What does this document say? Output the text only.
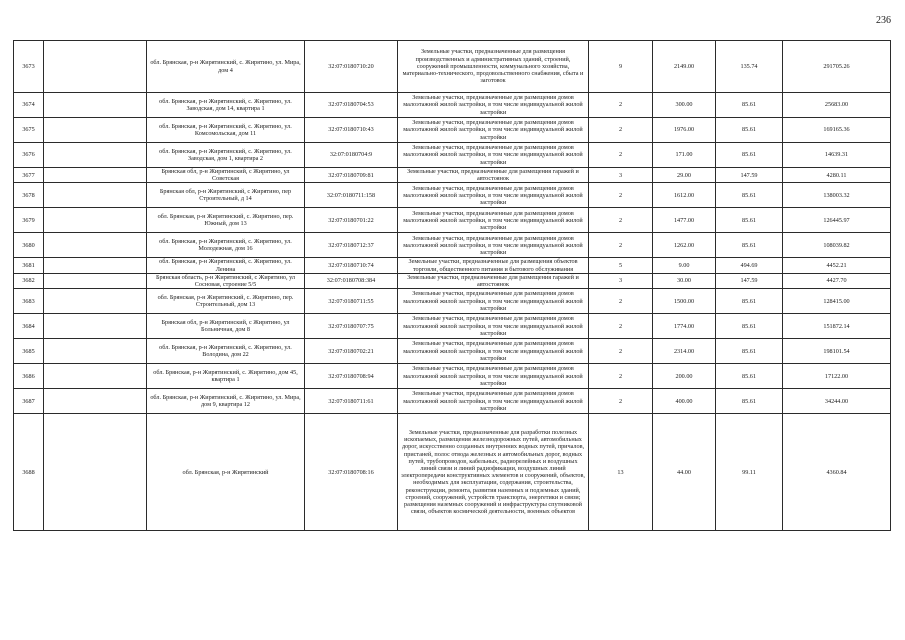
236
3673		обл. Брянская, р-н Жирятинский, с. Жирятино, ул. Мира, дом 4	32:07:0180710:20	Земельные участки, предназначенные для размещения производственных и административных зданий, строений, сооружений промышленности, коммунального хозяйства, материально-технического, продовольственного снабжения, сбыта и заготовок	9	2149.00	135.74	291705.26
3674		обл. Брянская, р-н Жирятинский, с. Жирятино, ул. Заводская, дом 14, квартира 1	32:07:0180704:53	Земельные участки, предназначенные для размещения домов малоэтажной жилой застройки, в том числе индивидуальной жилой застройки	2	300.00	85.61	25683.00
3675		обл. Брянская, р-н Жирятинский, с. Жирятино, ул. Комсомольская, дом 11	32:07:0180710:43	Земельные участки, предназначенные для размещения домов малоэтажной жилой застройки, в том числе индивидуальной жилой застройки	2	1976.00	85.61	169165.36
3676		обл. Брянская, р-н Жирятинский, с. Жирятино, ул. Заводская, дом 1, квартира 2	32:07:0180704:9	Земельные участки, предназначенные для размещения домов малоэтажной жилой застройки, в том числе индивидуальной жилой застройки	2	171.00	85.61	14639.31
3677		Брянская обл, р-н Жирятинский, с Жирятино, ул Советская	32:07:0180709:81	Земельные участки, предназначенные для размещения гаражей и автостоянок	3	29.00	147.59	4280.11
3678		Брянская обл, р-н Жирятинский, с Жирятино, пер Строительный, д 14	32:07:0180711:158	Земельные участки, предназначенные для размещения домов малоэтажной жилой застройки, в том числе индивидуальной жилой застройки	2	1612.00	85.61	138003.32
3679		обл. Брянская, р-н Жирятинский, с. Жирятино, пер. Южный, дом 13	32:07:0180701:22	Земельные участки, предназначенные для размещения домов малоэтажной жилой застройки, в том числе индивидуальной жилой застройки	2	1477.00	85.61	126445.97
3680		обл. Брянская, р-н Жирятинский, с. Жирятино, ул. Молодежная, дом 16	32:07:0180712:37	Земельные участки, предназначенные для размещения домов малоэтажной жилой застройки, в том числе индивидуальной жилой застройки	2	1262.00	85.61	108039.82
3681		обл. Брянская, р-н Жирятинский, с. Жирятино, ул. Ленина	32:07:0180710:74	Земельные участки, предназначенные для размещения объектов торговли, общественного питания и бытового обслуживания	5	9.00	494.69	4452.21
3682		Брянская область, р-н Жирятинский, с Жирятино, ул Сосновая, строение 5/5	32:07:0180708:384	Земельные участки, предназначенные для размещения гаражей и автостоянок	3	30.00	147.59	4427.70
3683		обл. Брянская, р-н Жирятинский, с. Жирятино, пер. Строительный, дом 13	32:07:0180711:55	Земельные участки, предназначенные для размещения домов малоэтажной жилой застройки, в том числе индивидуальной жилой застройки	2	1500.00	85.61	128415.00
3684		Брянская обл, р-н Жирятинский, с Жирятино, ул Больничная, дом 8	32:07:0180707:75	Земельные участки, предназначенные для размещения домов малоэтажной жилой застройки, в том числе индивидуальной жилой застройки	2	1774.00	85.61	151872.14
3685		обл. Брянская, р-н Жирятинский, с. Жирятино, ул. Володина, дом 22	32:07:0180702:21	Земельные участки, предназначенные для размещения домов малоэтажной жилой застройки, в том числе индивидуальной жилой застройки	2	2314.00	85.61	198101.54
3686		обл. Брянская, р-н Жирятинский, с. Жирятино, дом 45, квартира 1	32:07:0180708:94	Земельные участки, предназначенные для размещения домов малоэтажной жилой застройки, в том числе индивидуальной жилой застройки	2	200.00	85.61	17122.00
3687		обл. Брянская, р-н Жирятинский, с. Жирятино, ул. Мира, дом 9, квартира 12	32:07:0180711:61	Земельные участки, предназначенные для размещения домов малоэтажной жилой застройки, в том числе индивидуальной жилой застройки	2	400.00	85.61	34244.00
3688		обл. Брянская, р-н Жирятинский	32:07:0180708:16	Земельные участки, предназначенные для разработки полезных ископаемых, размещения железнодорожных путей, автомобильных дорог, искусственно созданных внутренних водных путей, причалов, пристаней, полос отвода железных и автомобильных дорог, водных путей, трубопроводов, кабельных, радиорелейных и воздушных линий связи и линий радиофикации, воздушных линий электропередачи конструктивных элементов и сооружений, объектов, необходимых для эксплуатации, содержания, строительства, реконструкции, ремонта, развития наземных и подземных зданий, строений, сооружений, устройств транспорта, энергетики и связи; размещения наземных сооружений и инфраструктуры спутниковой связи, объектов космической деятельности, военных объектов	13	44.00	99.11	4360.84
